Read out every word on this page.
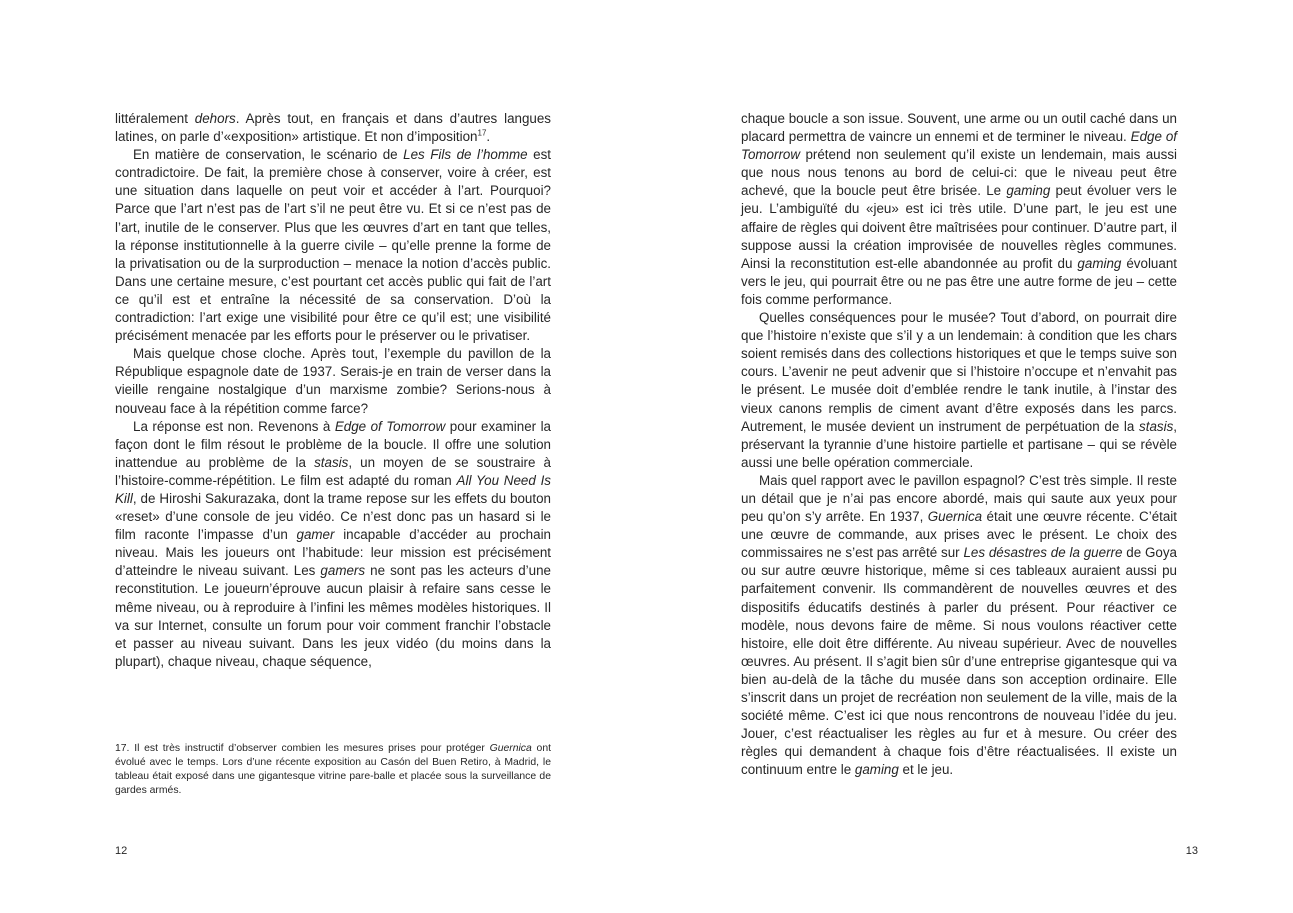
littéralement dehors. Après tout, en français et dans d’autres langues latines, on parle d’«exposition» artistique. Et non d’imposition$^{17}$.

En matière de conservation, le scénario de Les Fils de l’homme est contradictoire. De fait, la première chose à conserver, voire à créer, est une situation dans laquelle on peut voir et accéder à l’art. Pourquoi? Parce que l’art n’est pas de l’art s’il ne peut être vu. Et si ce n’est pas de l’art, inutile de le conserver. Plus que les œuvres d’art en tant que telles, la réponse institutionnelle à la guerre civile – qu’elle prenne la forme de la privatisation ou de la surproduction – menace la notion d’accès public. Dans une certaine mesure, c’est pourtant cet accès public qui fait de l’art ce qu’il est et entraîne la nécessité de sa conservation. D’où la contradiction: l’art exige une visibilité pour être ce qu’il est; une visibilité précisément menacée par les efforts pour le préserver ou le privatiser.

Mais quelque chose cloche. Après tout, l’exemple du pavillon de la République espagnole date de 1937. Serais-je en train de verser dans la vieille rengaine nostalgique d’un marxisme zombie? Serions-nous à nouveau face à la répétition comme farce?

La réponse est non. Revenons à Edge of Tomorrow pour examiner la façon dont le film résout le problème de la boucle. Il offre une solution inattendue au problème de la stasis, un moyen de se soustraire à l’histoire-comme-répétition. Le film est adapté du roman All You Need Is Kill, de Hiroshi Sakurazaka, dont la trame repose sur les effets du bouton «reset» d’une console de jeu vidéo. Ce n’est donc pas un hasard si le film raconte l’impasse d’un gamer incapable d’accéder au prochain niveau. Mais les joueurs ont l’habitude: leur mission est précisément d’atteindre le niveau suivant. Les gamers ne sont pas les acteurs d’une reconstitution. Le joueurn’éprouve aucun plaisir à refaire sans cesse le même niveau, ou à reproduire à l’infini les mêmes modèles historiques. Il va sur Internet, consulte un forum pour voir comment franchir l’obstacle et passer au niveau suivant. Dans les jeux vidéo (du moins dans la plupart), chaque niveau, chaque séquence,

17. Il est très instructif d’observer combien les mesures prises pour protéger Guernica ont évolué avec le temps. Lors d’une récente exposition au Casón del Buen Retiro, à Madrid, le tableau était exposé dans une gigantesque vitrine pare-balle et placée sous la surveillance de gardes armés.

12

chaque boucle a son issue. Souvent, une arme ou un outil caché dans un placard permettra de vaincre un ennemi et de terminer le niveau. Edge of Tomorrow prétend non seulement qu’il existe un lendemain, mais aussi que nous nous tenons au bord de celui-ci: que le niveau peut être achevé, que la boucle peut être brisée. Le gaming peut évoluer vers le jeu. L’ambiguïté du «jeu» est ici très utile. D’une part, le jeu est une affaire de règles qui doivent être maîtrisées pour continuer. D’autre part, il suppose aussi la création improvisée de nouvelles règles communes. Ainsi la reconstitution est-elle abandonnée au profit du gaming évoluant vers le jeu, qui pourrait être ou ne pas être une autre forme de jeu – cette fois comme performance.

Quelles conséquences pour le musée? Tout d’abord, on pourrait dire que l’histoire n’existe que s’il y a un lendemain: à condition que les chars soient remisés dans des collections historiques et que le temps suive son cours. L’avenir ne peut advenir que si l’histoire n’occupe et n’envahit pas le présent. Le musée doit d’emblée rendre le tank inutile, à l’instar des vieux canons remplis de ciment avant d’être exposés dans les parcs. Autrement, le musée devient un instrument de perpétuation de la stasis, préservant la tyrannie d’une histoire partielle et partisane – qui se révèle aussi une belle opération commerciale.

Mais quel rapport avec le pavillon espagnol? C’est très simple. Il reste un détail que je n’ai pas encore abordé, mais qui saute aux yeux pour peu qu’on s’y arrête. En 1937, Guernica était une œuvre récente. C’était une œuvre de commande, aux prises avec le présent. Le choix des commissaires ne s’est pas arrêté sur Les désastres de la guerre de Goya ou sur autre œuvre historique, même si ces tableaux auraient aussi pu parfaitement convenir. Ils commandèrent de nouvelles œuvres et des dispositifs éducatifs destinés à parler du présent. Pour réactiver ce modèle, nous devons faire de même. Si nous voulons réactiver cette histoire, elle doit être différente. Au niveau supérieur. Avec de nouvelles œuvres. Au présent. Il s’agit bien sûr d’une entreprise gigantesque qui va bien au-delà de la tâche du musée dans son acception ordinaire. Elle s’inscrit dans un projet de recréation non seulement de la ville, mais de la société même. C’est ici que nous rencontrons de nouveau l’idée du jeu. Jouer, c’est réactualiser les règles au fur et à mesure. Ou créer des règles qui demandent à chaque fois d’être réactualisées. Il existe un continuum entre le gaming et le jeu.

13
